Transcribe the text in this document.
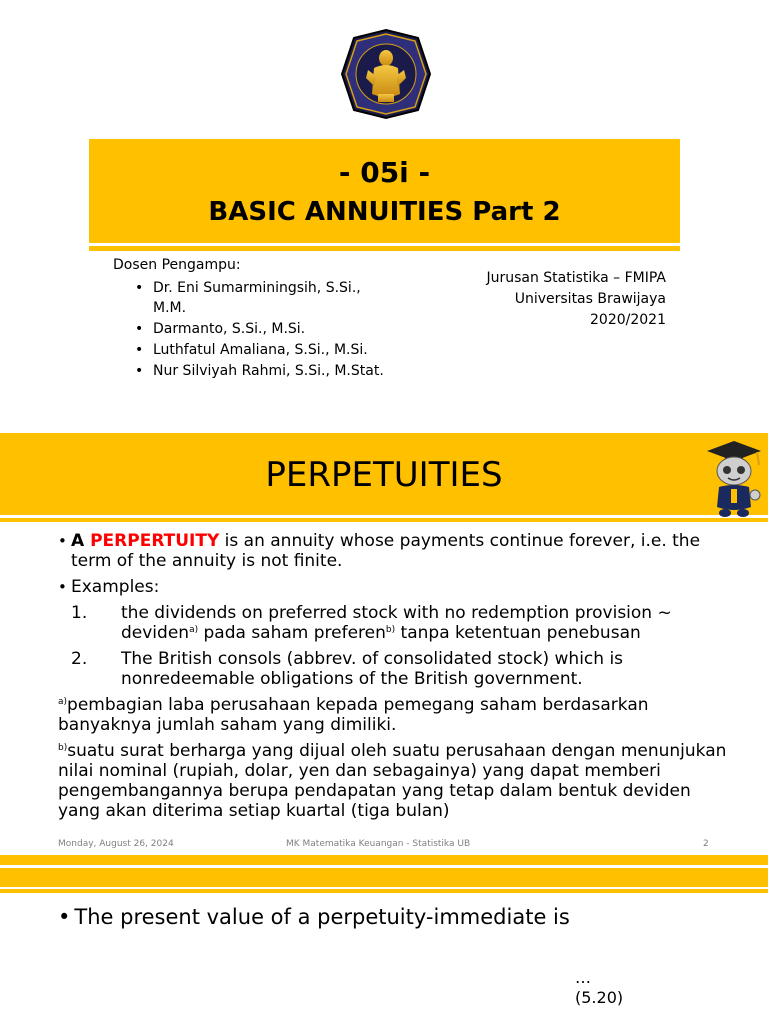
- 05i -
BASIC ANNUITIES Part 2
Dosen Pengampu:
• Dr. Eni Sumarminingsih, S.Si., M.M.
• Darmanto, S.Si., M.Si.
• Luthfatul Amaliana, S.Si., M.Si.
• Nur Silviyah Rahmi, S.Si., M.Stat.
Jurusan Statistika – FMIPA
Universitas Brawijaya
2020/2021
PERPETUITIES
• A PERPERTUITY is an annuity whose payments continue forever, i.e. the term of the annuity is not finite.
• Examples:
1. the dividends on preferred stock with no redemption provision ~
deviden$^{a)}$ pada saham preferen$^{b)}$ tanpa ketentuan penebusan
2. The British consols (abbrev. of consolidated stock) which is nonredeemable obligations of the British government.
$^{a)}$pembagian laba perusahaan kepada pemegang saham berdasarkan banyaknya jumlah saham yang dimiliki.
$^{b)}$suatu surat berharga yang dijual oleh suatu perusahaan dengan menunjukan nilai nominal (rupiah, dolar, yen dan sebagainya) yang dapat memberi pengembangannya berupa pendapatan yang tetap dalam bentuk deviden yang akan diterima setiap kuartal (tiga bulan)
Monday, August 26, 2024	MK Matematika Keuangan - Statistika UB	2
• The present value of a perpetuity-immediate is
…
(5.20)
